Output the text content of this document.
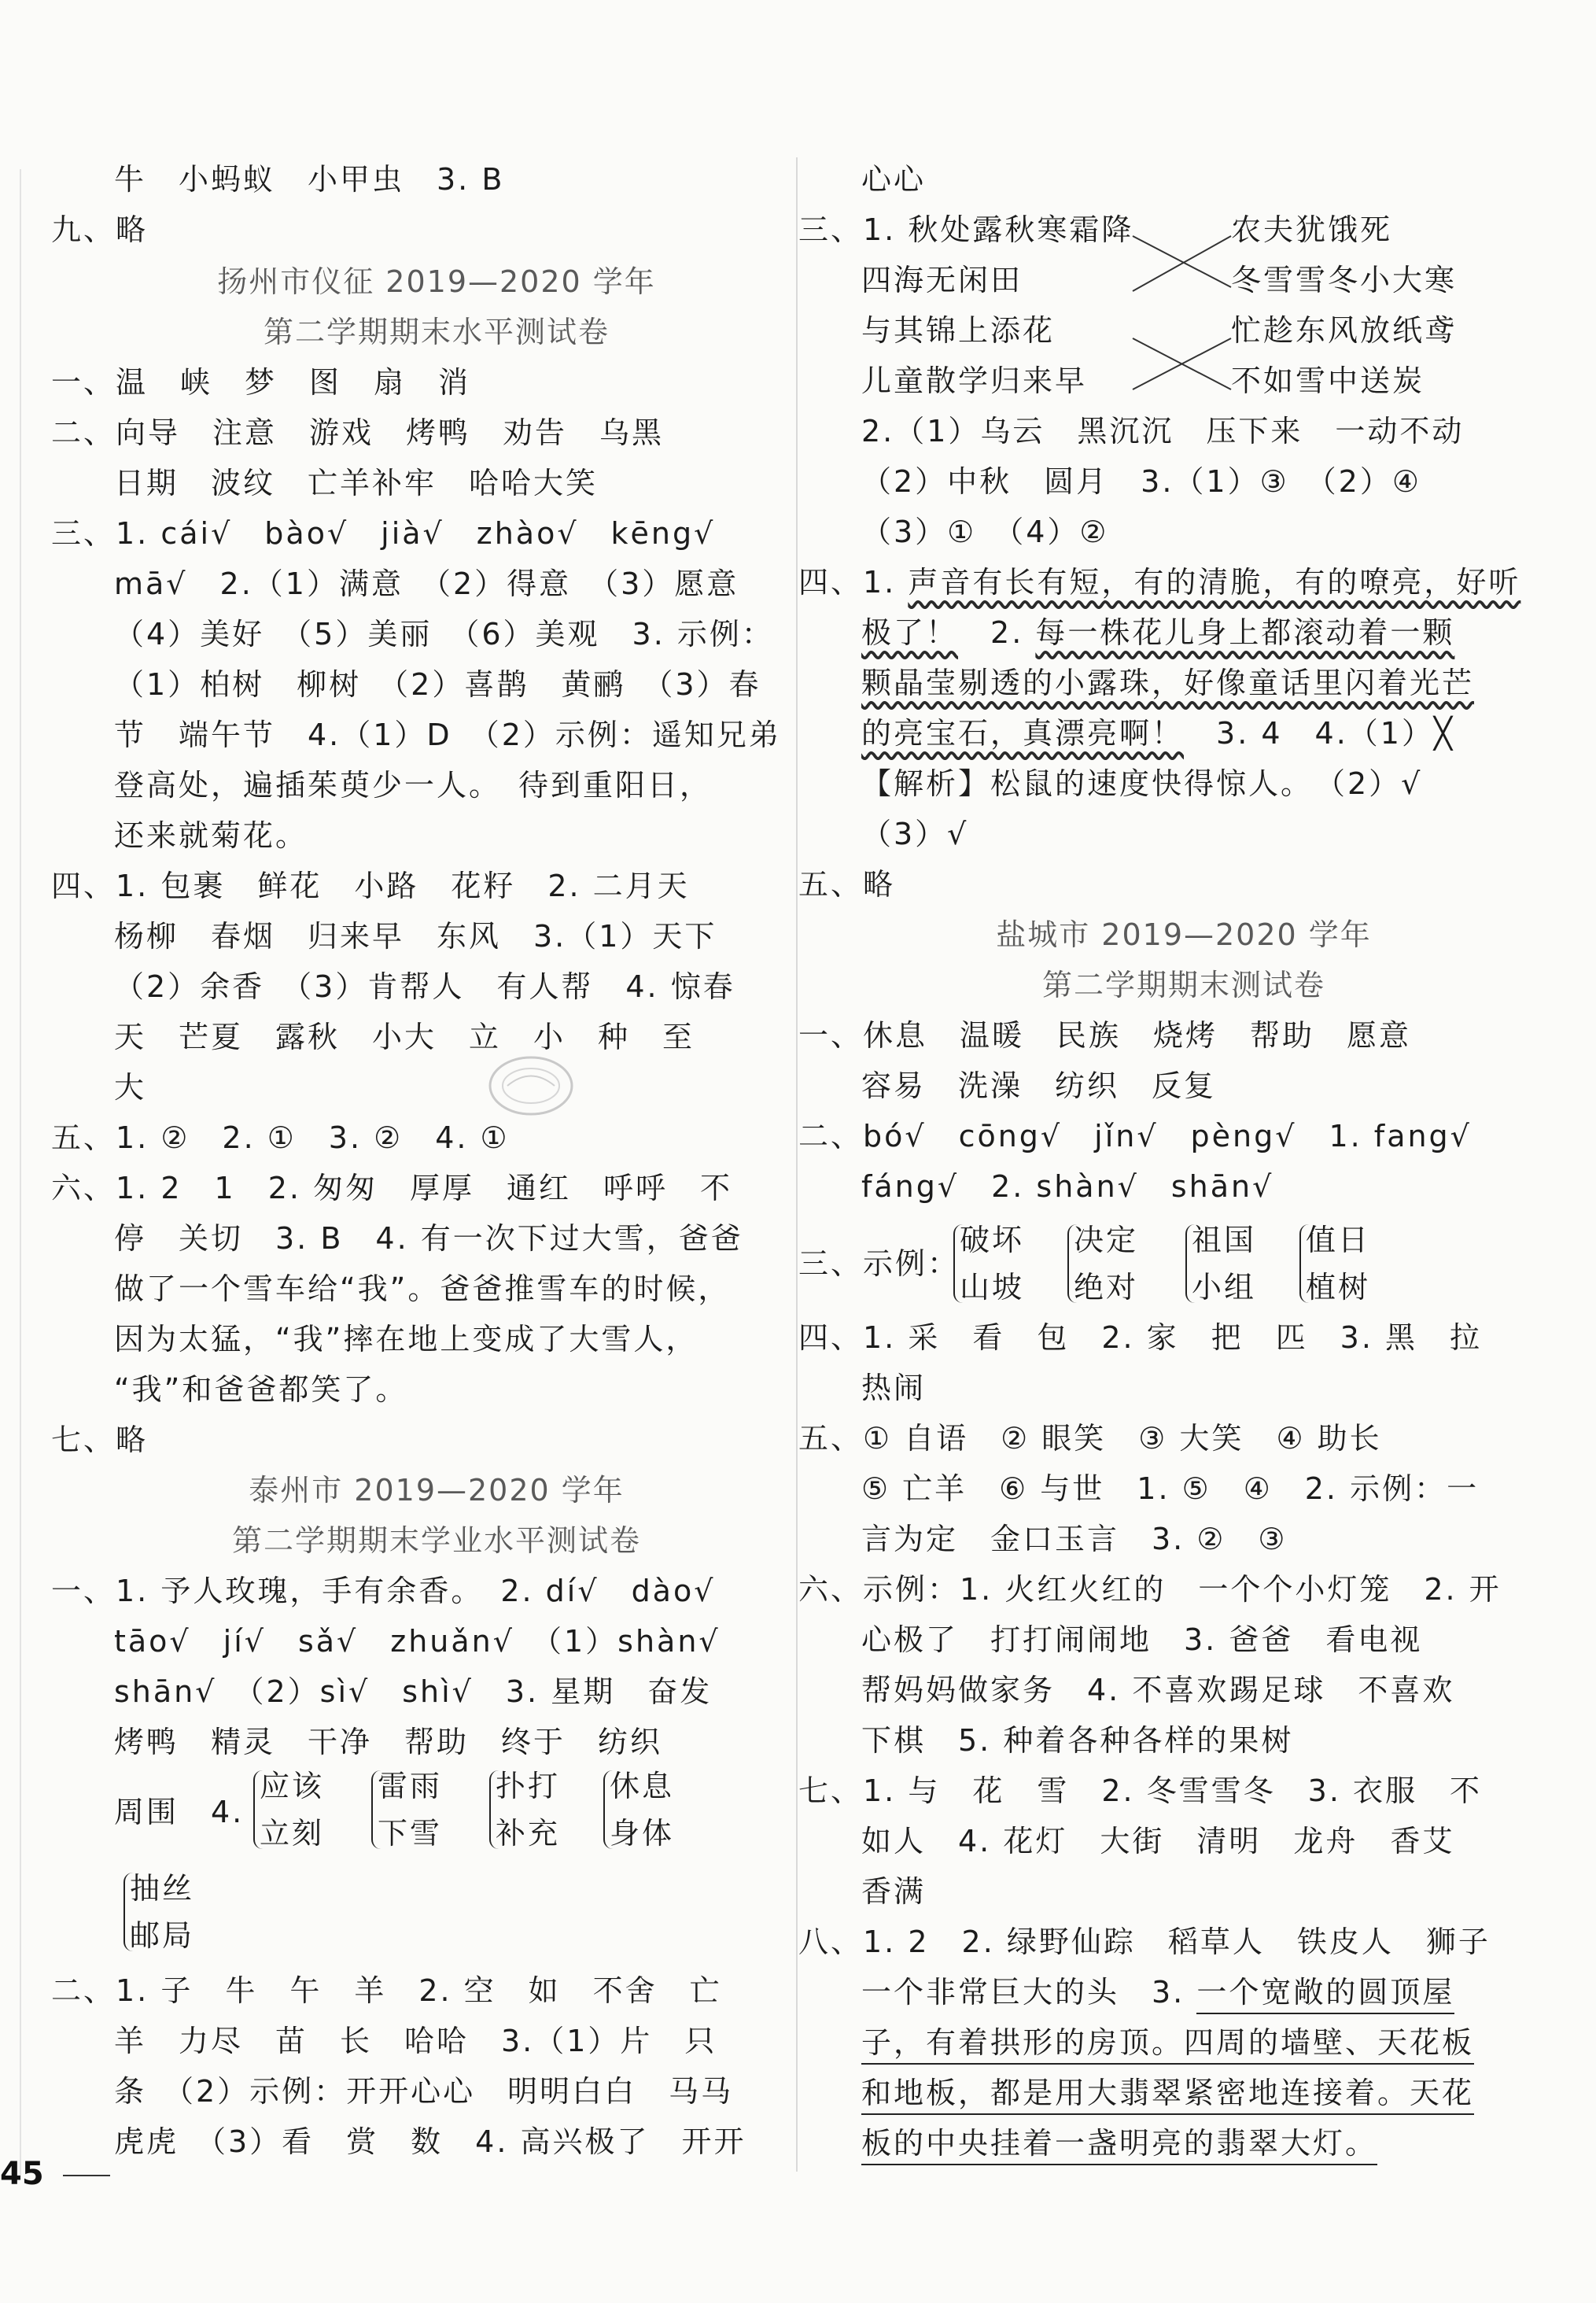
牛　小蚂蚁　小甲虫　3. B
九、略
扬州市仪征 2019—2020 学年
第二学期期末水平测试卷
一、温　峡　梦　图　扇　消
二、向导　注意　游戏　烤鸭　劝告　乌黑
日期　波纹　亡羊补牢　哈哈大笑
三、1. cái√　bào√　jià√　zhào√　kēng√
mā√　2.（1）满意　（2）得意　（3）愿意
（4）美好　（5）美丽　（6）美观　3. 示例：
（1）柏树　柳树　（2）喜鹊　黄鹂　（3）春
节　端午节　4.（1）D　（2）示例：遥知兄弟
登高处，遍插茱萸少一人。　待到重阳日，
还来就菊花。
四、1. 包裹　鲜花　小路　花籽　2. 二月天
杨柳　春烟　归来早　东风　3.（1）天下
（2）余香　（3）肯帮人　有人帮　4. 惊春
天　芒夏　露秋　小大　立　小　种　至
大
五、1. ②　2. ①　3. ②　4. ①
六、1. 2　1　2. 匆匆　厚厚　通红　呼呼　不
停　关切　3. B　4. 有一次下过大雪，爸爸
做了一个雪车给“我”。爸爸推雪车的时候，
因为太猛，“我”摔在地上变成了大雪人，
“我”和爸爸都笑了。
七、略
泰州市 2019—2020 学年
第二学期期末学业水平测试卷
一、1. 予人玫瑰，手有余香。　2. dí√　dào√
tāo√　jí√　sǎ√　zhuǎn√　（1）shàn√
shān√　（2）sì√　shì√　3. 星期　奋发
烤鸭　精灵　干净　帮助　终于　纺织
周围　4.
应该
立刻
雷雨
下雪
扑打
补充
休息
身体
抽丝
邮局
二、1. 子　牛　午　羊　2. 空　如　不舍　亡
羊　力尽　苗　长　哈哈　3.（1）片　只
条　（2）示例：开开心心　明明白白　马马
虎虎　（3）看　赏　数　4. 高兴极了　开开
心心
三、1. 秋处露秋寒霜降	农夫犹饿死
四海无闲田	冬雪雪冬小大寒
与其锦上添花	忙趁东风放纸鸢
儿童散学归来早	不如雪中送炭
2.（1）乌云　黑沉沉　压下来　一动不动
（2）中秋　圆月　3.（1）③　（2）④
（3）①　（4）②
四、1. 声音有长有短，有的清脆，有的嘹亮，好听
极了！　2. 每一株花儿身上都滚动着一颗
颗晶莹剔透的小露珠，好像童话里闪着光芒
的亮宝石，真漂亮啊！　3. 4　4.（1）╳
【解析】松鼠的速度快得惊人。　（2）√
（3）√
五、略
盐城市 2019—2020 学年
第二学期期末测试卷
一、休息　温暖　民族　烧烤　帮助　愿意
容易　洗澡　纺织　反复
二、bó√　cōng√　jǐn√　pèng√　1. fang√
fáng√　2. shàn√　shān√
三、示例：
破坏
山坡
决定
绝对
祖国
小组
值日
植树
四、1. 采　看　包　2. 家　把　匹　3. 黑　拉
热闹
五、① 自语　② 眼笑　③ 大笑　④ 助长
⑤ 亡羊　⑥ 与世　1. ⑤　④　2. 示例：一
言为定　金口玉言　3. ②　③
六、示例：1. 火红火红的　一个个小灯笼　2. 开
心极了　打打闹闹地　3. 爸爸　看电视
帮妈妈做家务　4. 不喜欢踢足球　不喜欢
下棋　5. 种着各种各样的果树
七、1. 与　花　雪　2. 冬雪雪冬　3. 衣服　不
如人　4. 花灯　大街　清明　龙舟　香艾
香满
八、1. 2　2. 绿野仙踪　稻草人　铁皮人　狮子
一个非常巨大的头　3. 一个宽敞的圆顶屋
子，有着拱形的房顶。四周的墙壁、天花板
和地板，都是用大翡翠紧密地连接着。天花
板的中央挂着一盏明亮的翡翠大灯。
45
